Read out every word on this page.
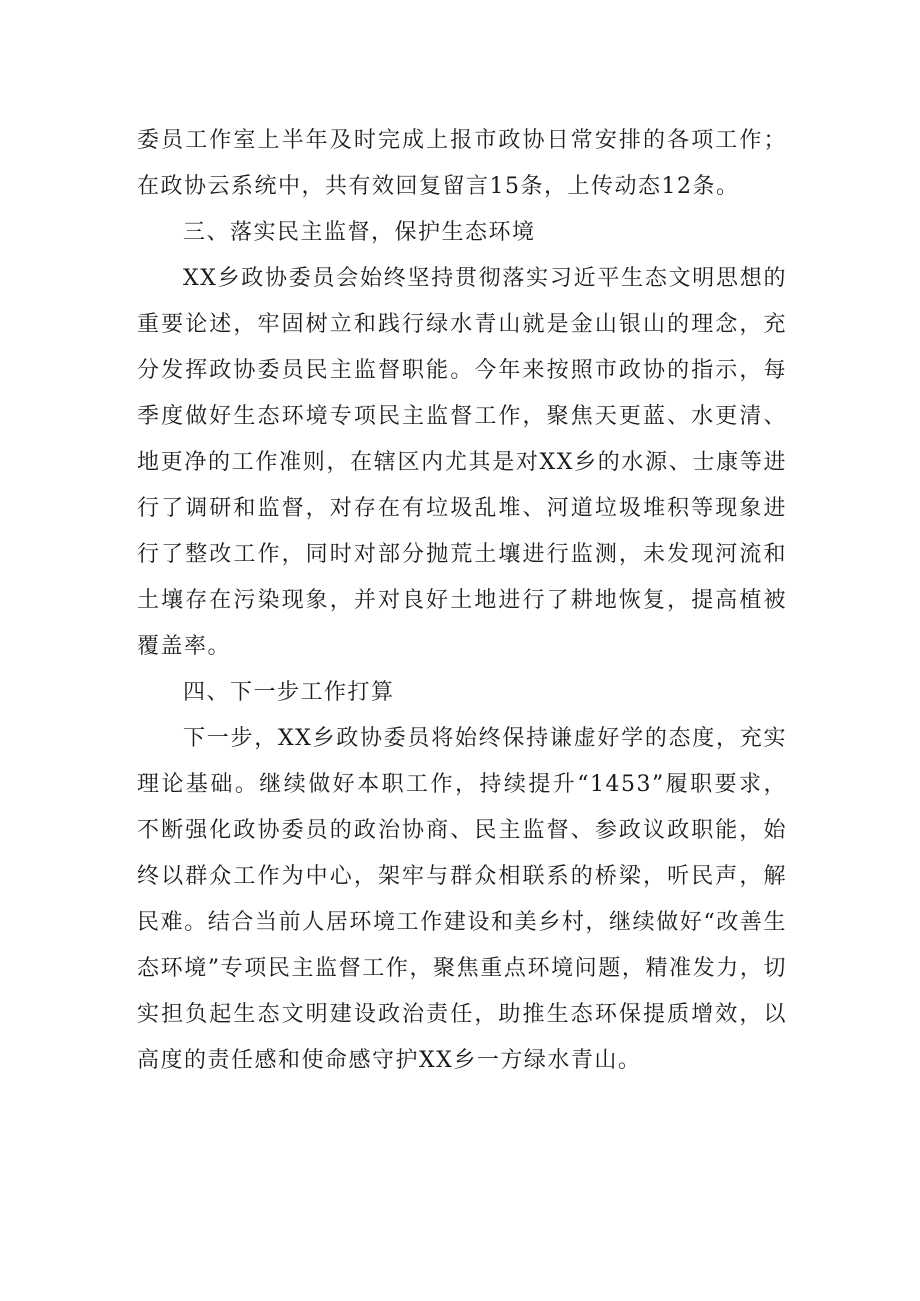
委员工作室上半年及时完成上报市政协日常安排的各项工作；在政协云系统中，共有效回复留言15条，上传动态12条。

三、落实民主监督，保护生态环境

XX乡政协委员会始终坚持贯彻落实习近平生态文明思想的重要论述，牢固树立和践行绿水青山就是金山银山的理念，充分发挥政协委员民主监督职能。今年来按照市政协的指示，每季度做好生态环境专项民主监督工作，聚焦天更蓝、水更清、地更净的工作准则，在辖区内尤其是对XX乡的水源、士康等进行了调研和监督，对存在有垃圾乱堆、河道垃圾堆积等现象进行了整改工作，同时对部分抛荒土壤进行监测，未发现河流和土壤存在污染现象，并对良好土地进行了耕地恢复，提高植被覆盖率。

四、下一步工作打算

下一步，XX乡政协委员将始终保持谦虚好学的态度，充实理论基础。继续做好本职工作，持续提升“1453”履职要求，不断强化政协委员的政治协商、民主监督、参政议政职能，始终以群众工作为中心，架牢与群众相联系的桥梁，听民声，解民难。结合当前人居环境工作建设和美乡村，继续做好“改善生态环境”专项民主监督工作，聚焦重点环境问题，精准发力，切实担负起生态文明建设政治责任，助推生态环保提质增效，以高度的责任感和使命感守护XX乡一方绿水青山。
